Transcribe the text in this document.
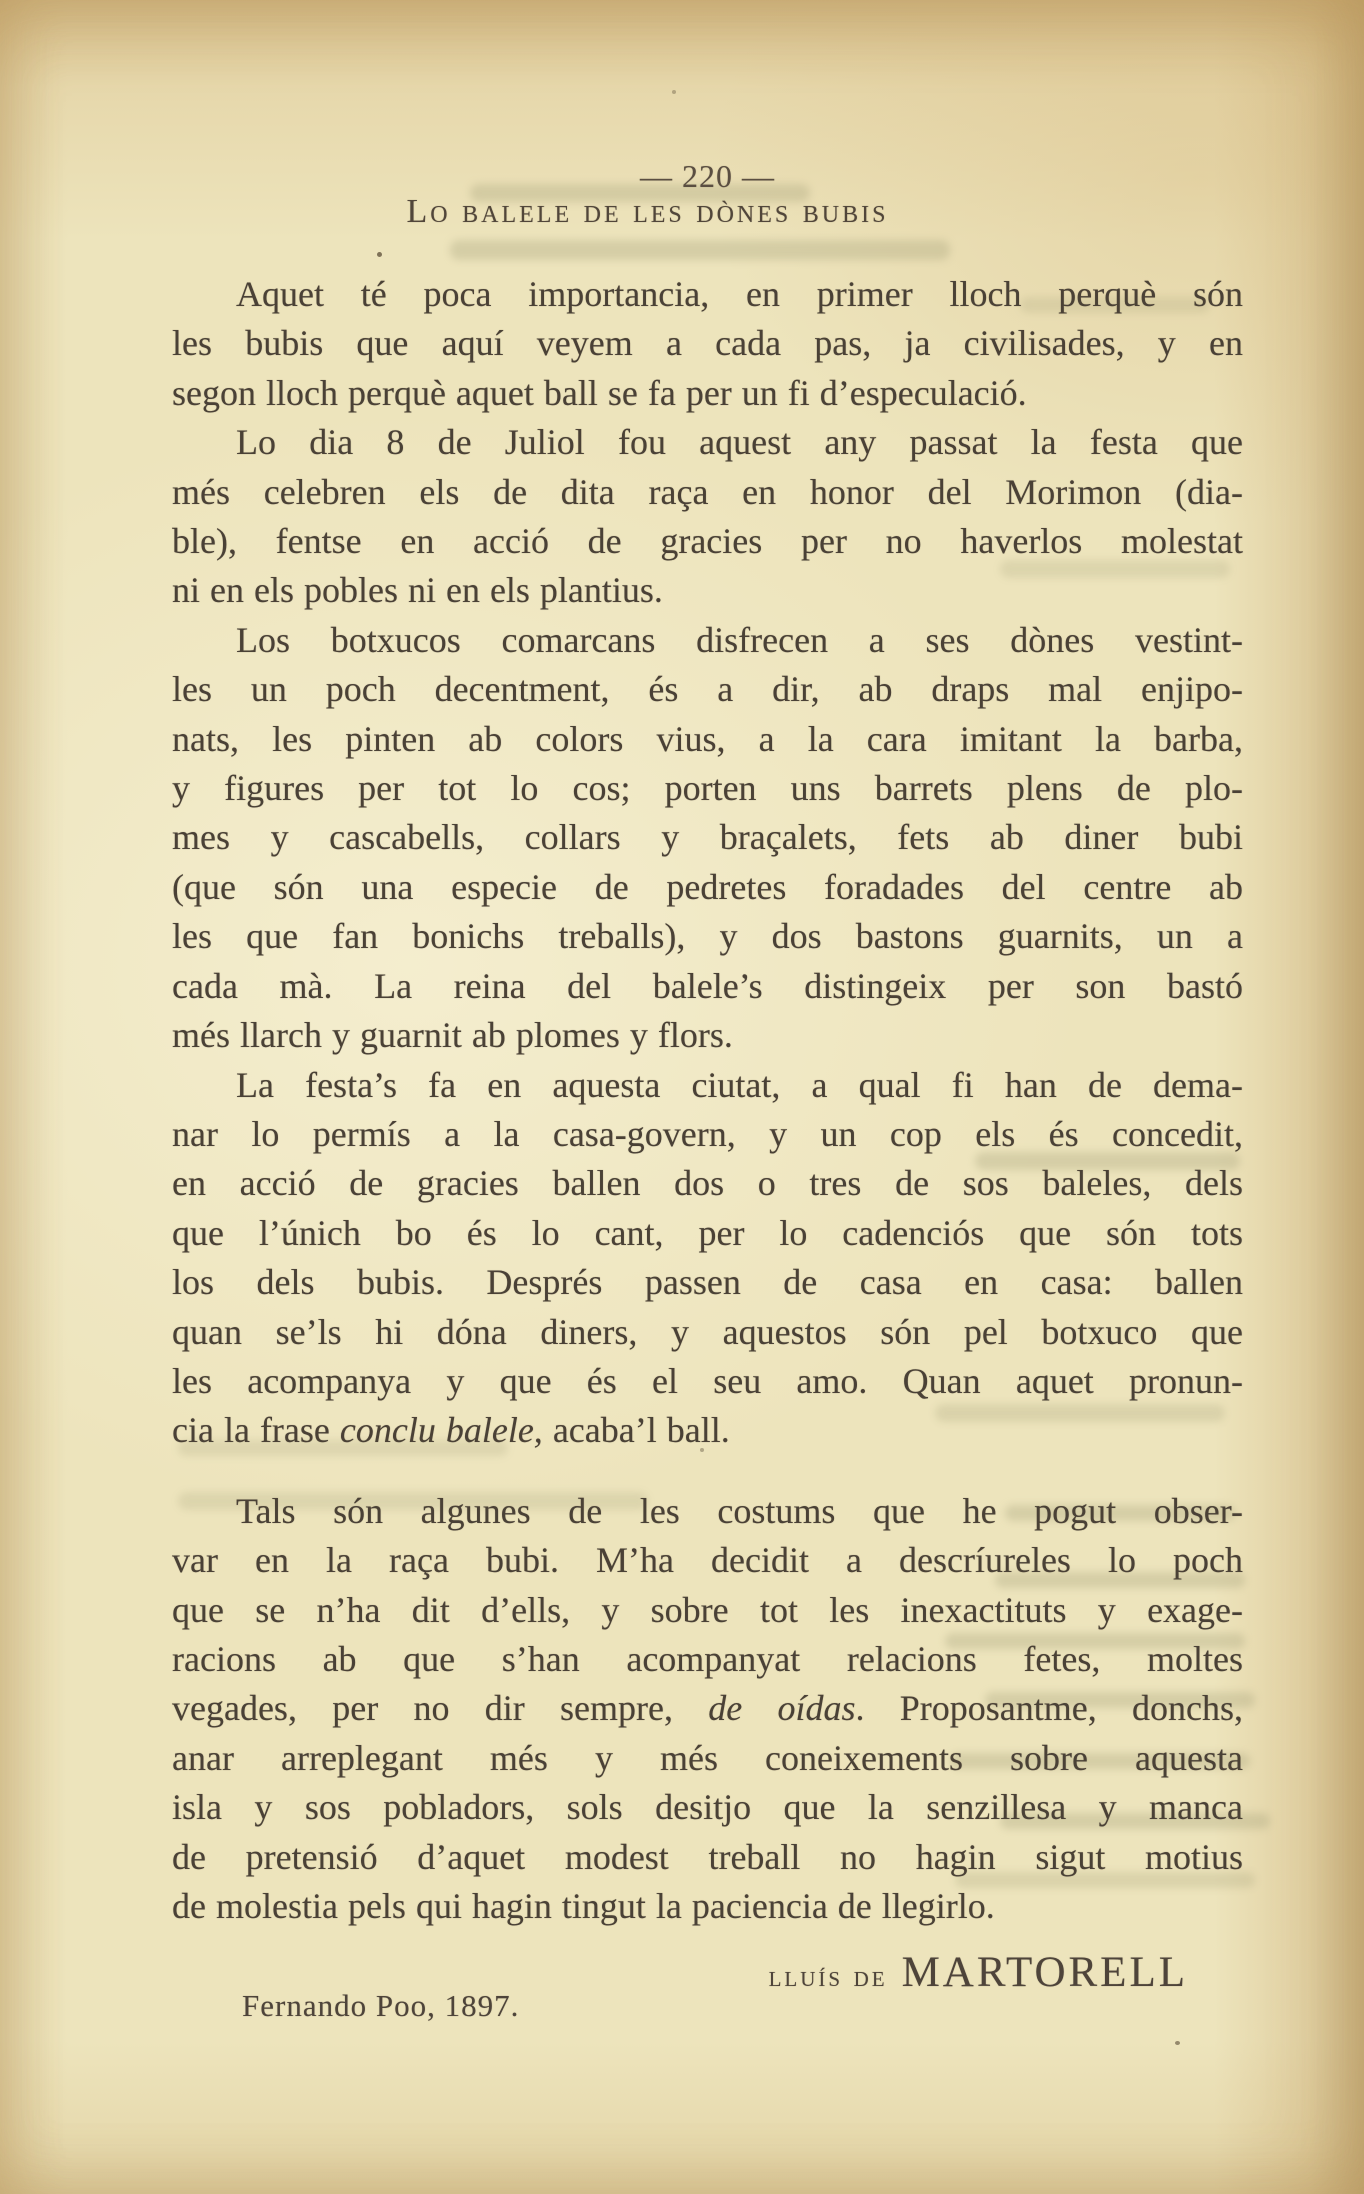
— 220 —
Lo balele de les dònes bubis
Aquet té poca importancia, en primer lloch perquè són
les bubis que aquí veyem a cada pas, ja civilisades, y en
segon lloch perquè aquet ball se fa per un fi d’especulació.
Lo dia 8 de Juliol fou aquest any passat la festa que
més celebren els de dita raça en honor del Morimon (dia-
ble), fentse en acció de gracies per no haverlos molestat
ni en els pobles ni en els plantius.
Los botxucos comarcans disfrecen a ses dònes vestint-
les un poch decentment, és a dir, ab draps mal enjipo-
nats, les pinten ab colors vius, a la cara imitant la barba,
y figures per tot lo cos; porten uns barrets plens de plo-
mes y cascabells, collars y braçalets, fets ab diner bubi
(que són una especie de pedretes foradades del centre ab
les que fan bonichs treballs), y dos bastons guarnits, un a
cada mà. La reina del balele’s distingeix per son bastó
més llarch y guarnit ab plomes y flors.
La festa’s fa en aquesta ciutat, a qual fi han de dema-
nar lo permís a la casa-govern, y un cop els és concedit,
en acció de gracies ballen dos o tres de sos baleles, dels
que l’únich bo és lo cant, per lo cadenciós que són tots
los dels bubis. Després passen de casa en casa: ballen
quan se’ls hi dóna diners, y aquestos són pel botxuco que
les acompanya y que és el seu amo. Quan aquet pronun-
cia la frase conclu balele, acaba’l ball.
Tals són algunes de les costums que he pogut obser-
var en la raça bubi. M’ha decidit a descríureles lo poch
que se n’ha dit d’ells, y sobre tot les inexactituts y exage-
racions ab que s’han acompanyat relacions fetes, moltes
vegades, per no dir sempre, de oídas. Proposantme, donchs,
anar arreplegant més y més coneixements sobre aquesta
isla y sos pobladors, sols desitjo que la senzillesa y manca
de pretensió d’aquet modest treball no hagin sigut motius
de molestia pels qui hagin tingut la paciencia de llegirlo.
lluís de MARTORELL
Fernando Poo, 1897.
